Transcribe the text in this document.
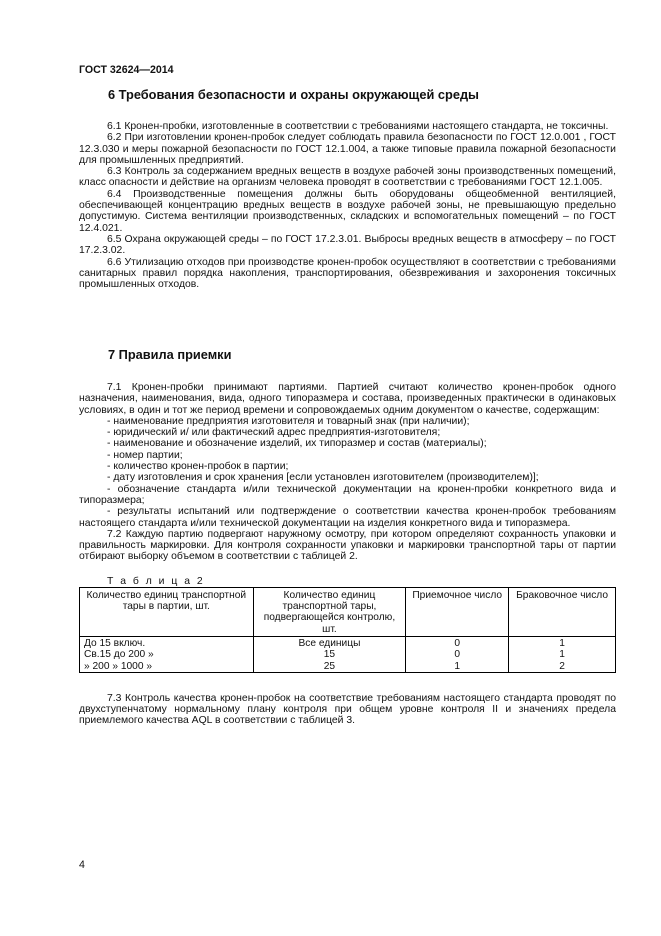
ГОСТ 32624—2014
6 Требования безопасности и охраны окружающей среды

6.1 Кронен-пробки, изготовленные в соответствии с требованиями настоящего стандарта, не токсичны.

6.2 При изготовлении кронен-пробок следует соблюдать правила безопасности по ГОСТ 12.0.001 , ГОСТ 12.3.030 и меры пожарной безопасности по ГОСТ 12.1.004, а также типовые правила пожарной безопасности для промышленных предприятий.

6.3 Контроль за содержанием вредных веществ в воздухе рабочей зоны производственных помещений, класс опасности и действие на организм человека проводят в соответствии с требованиями ГОСТ 12.1.005.

6.4 Производственные помещения должны быть оборудованы общеобменной вентиляцией, обеспечивающей концентрацию вредных веществ в воздухе рабочей зоны, не превышающую предельно допустимую. Система вентиляции производственных, складских и вспомогательных помещений – по ГОСТ 12.4.021.

6.5 Охрана окружающей среды – по ГОСТ 17.2.3.01. Выбросы вредных веществ в атмосферу – по ГОСТ 17.2.3.02.

6.6 Утилизацию отходов при производстве кронен-пробок осуществляют в соответствии с требованиями санитарных правил порядка накопления, транспортирования, обезвреживания и захоронения токсичных промышленных отходов.

7 Правила приемки

7.1 Кронен-пробки принимают партиями. Партией считают количество кронен-пробок одного назначения, наименования, вида, одного типоразмера и состава, произведенных практически в одинаковых условиях, в один и тот же период времени и сопровождаемых одним документом о качестве, содержащим:

- наименование предприятия изготовителя и товарный знак (при наличии);

- юридический и/ или фактический адрес предприятия-изготовителя;

- наименование и обозначение изделий, их типоразмер и состав (материалы);

- номер партии;

- количество кронен-пробок в партии;

- дату изготовления и срок хранения [если установлен изготовителем (производителем)];

- обозначение стандарта и/или технической документации на кронен-пробки конкретного вида и типоразмера;

- результаты испытаний или подтверждение о соответствии качества кронен-пробок требованиям настоящего стандарта и/или технической документации на изделия конкретного вида и типоразмера.

7.2 Каждую партию подвергают наружному осмотру, при котором определяют сохранность упаковки и правильность маркировки. Для контроля сохранности упаковки и маркировки транспортной тары от партии отбирают выборку объемом в соответствии с таблицей 2.

Т а б л и ц а 2

Количество единиц транспортной тары в партии, шт.	Количество единиц транспортной тары, подвергающейся контролю, шт.	Приемочное число	Браковочное число
До 15 включ.	Все единицы	0	1
Св.15 до 200 »	15	0	1
» 200 » 1000 »	25	1	2

7.3 Контроль качества кронен-пробок на соответствие требованиям настоящего стандарта проводят по двухступенчатому нормальному плану контроля при общем уровне контроля II и значениях предела приемлемого качества AQL в соответствии с таблицей 3.

4
